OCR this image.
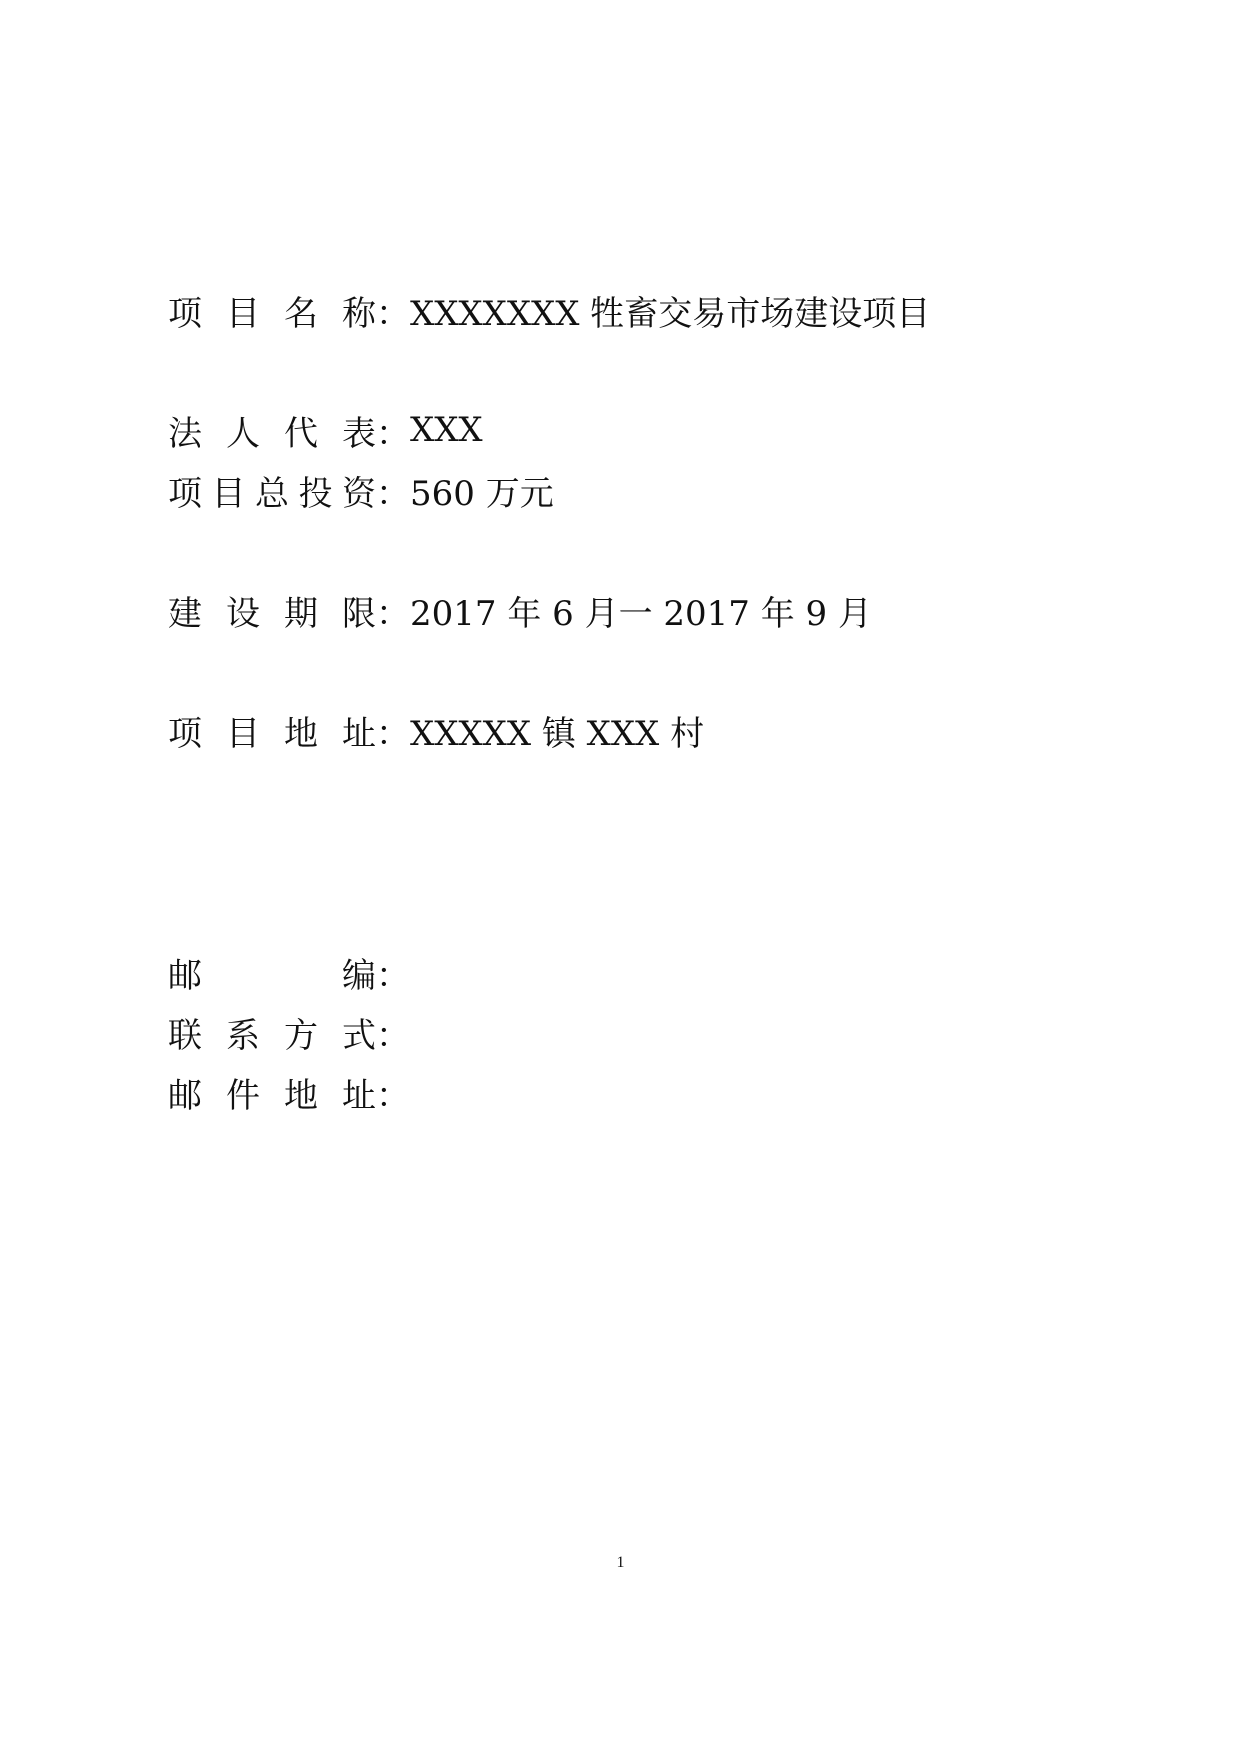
项目名称 ： XXXXXXX 牲畜交易市场建设项目
法人代表 ： XXX
项目总投资 ： 560 万元
建设期限 ： 2017 年 6 月一 2017 年 9 月
项目地址 ： XXXXX 镇 XXX 村
邮编 ：
联系方式 ：
邮件地址 ：
1
